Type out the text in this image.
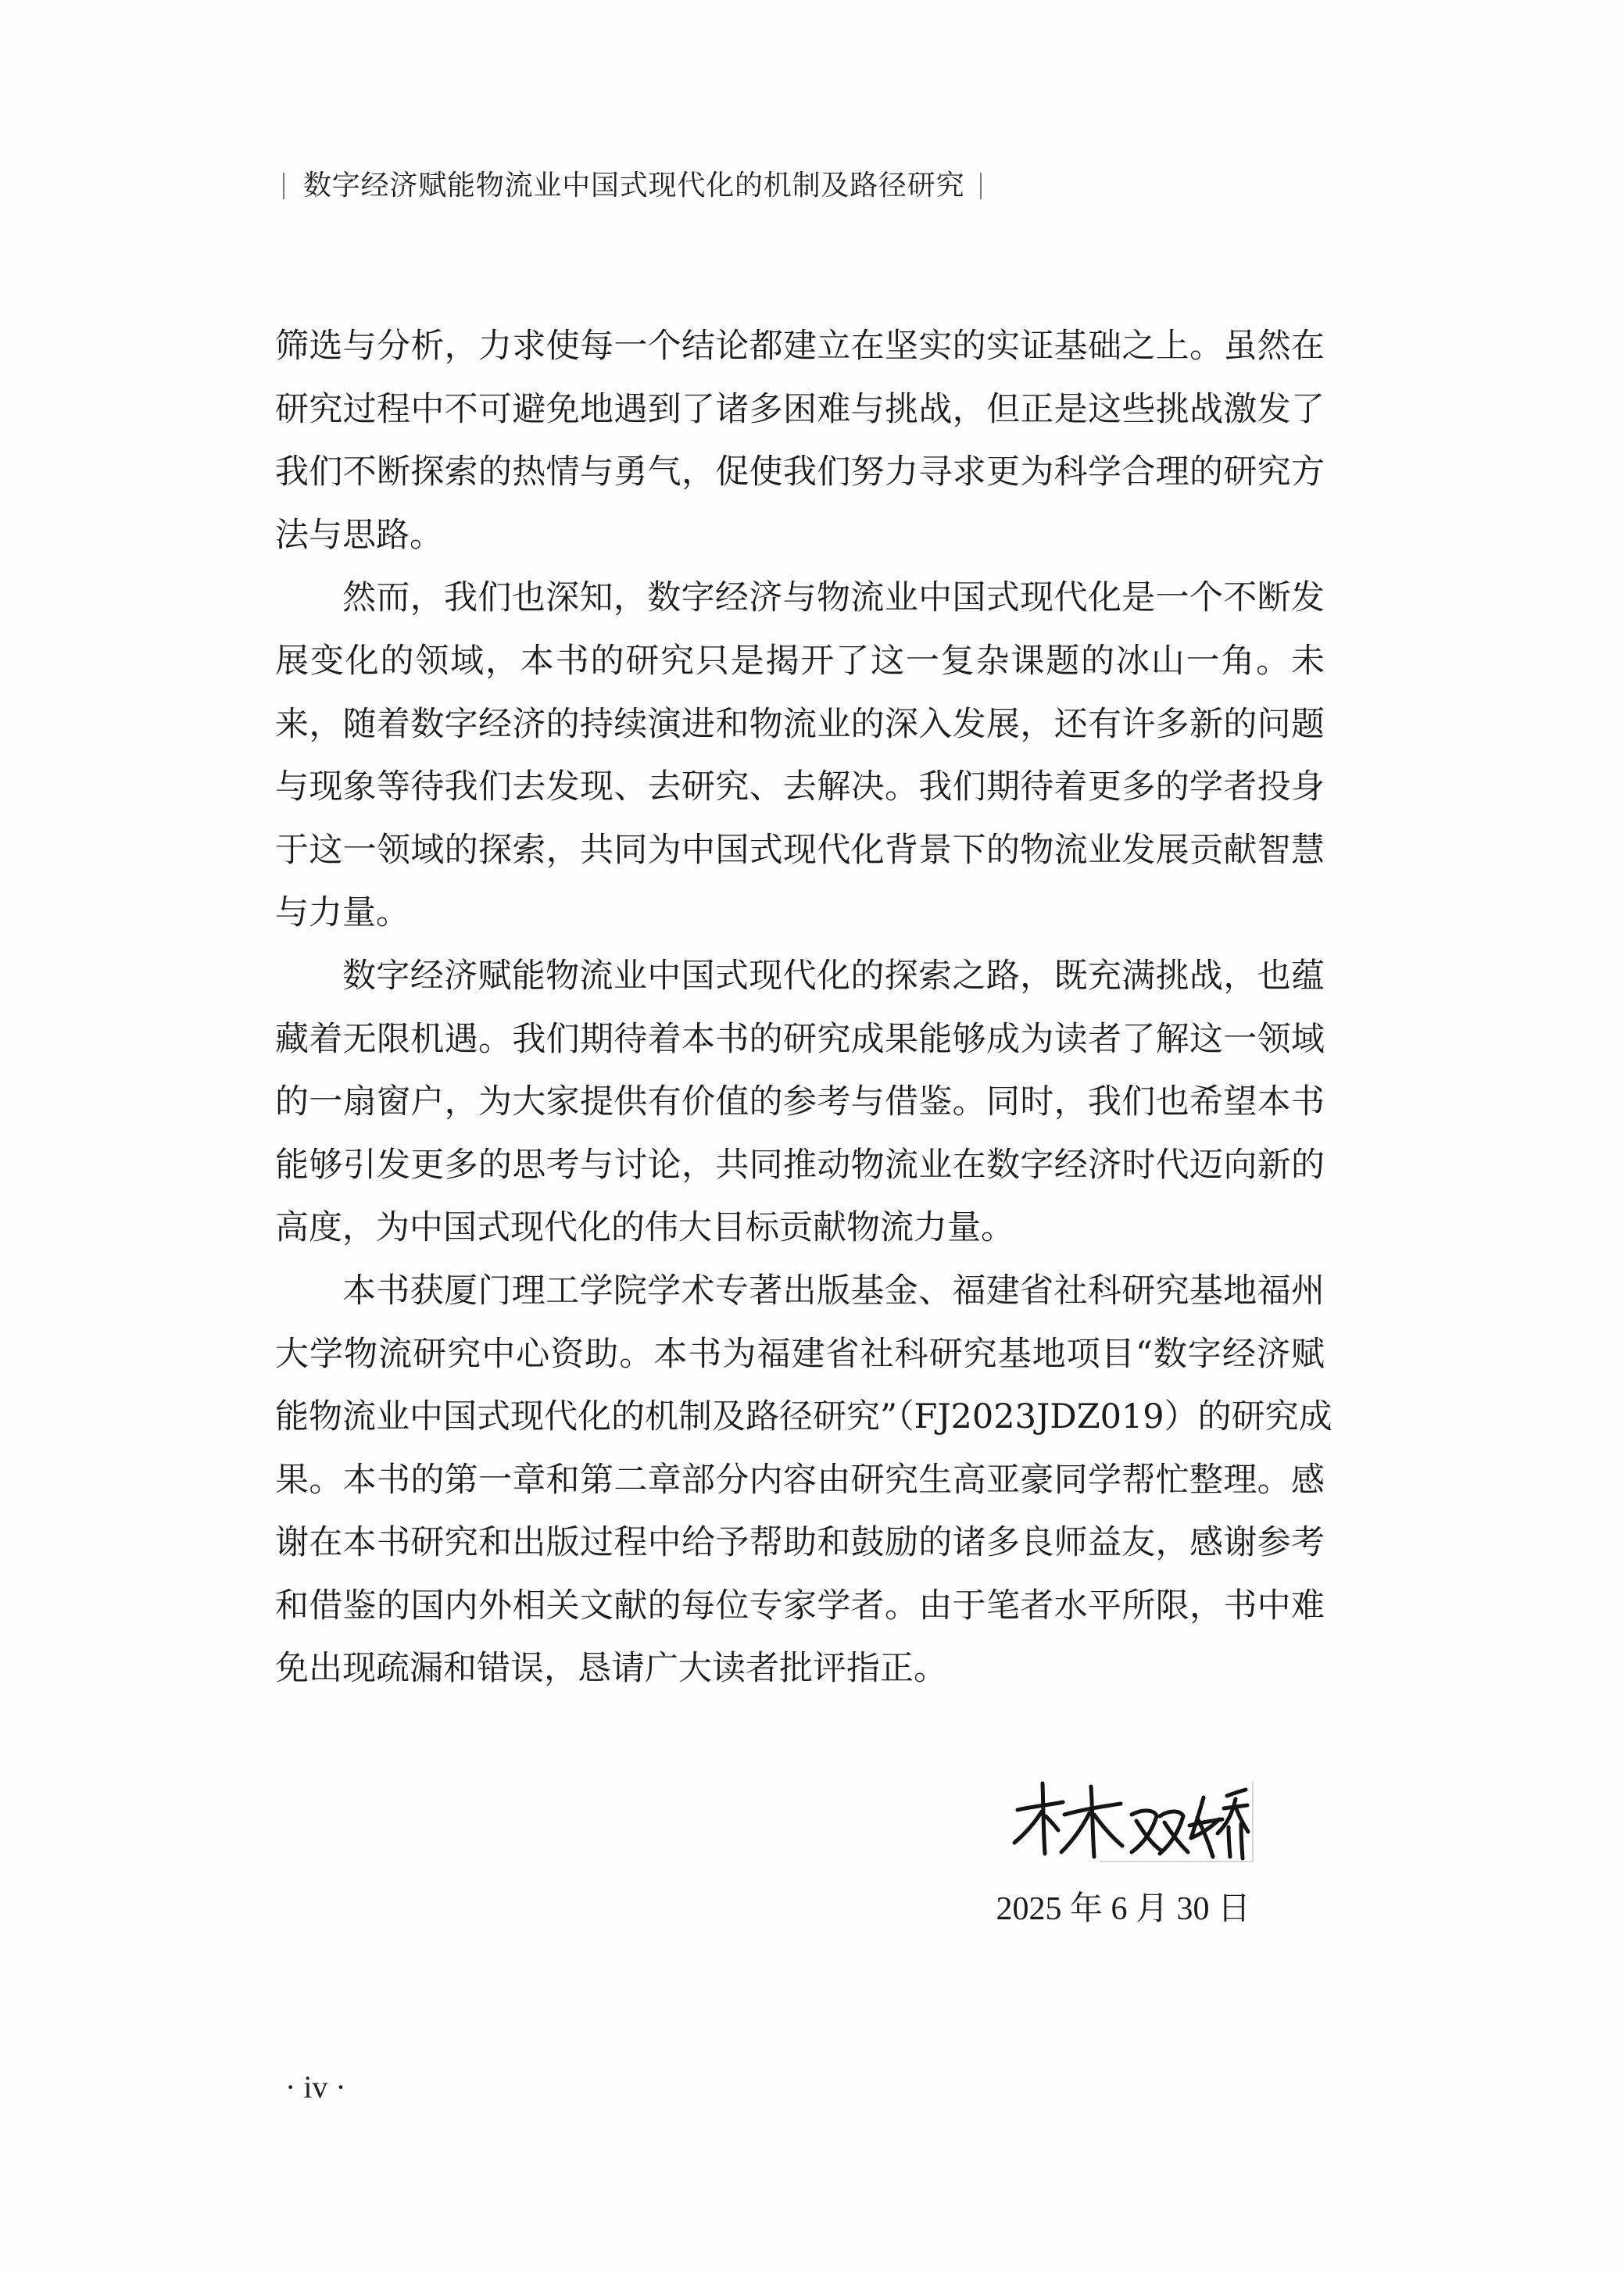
数字经济赋能物流业中国式现代化的机制及路径研究
筛选与分析，力求使每一个结论都建立在坚实的实证基础之上。虽然在
研究过程中不可避免地遇到了诸多困难与挑战，但正是这些挑战激发了
我们不断探索的热情与勇气，促使我们努力寻求更为科学合理的研究方
法与思路。
然而，我们也深知，数字经济与物流业中国式现代化是一个不断发
展变化的领域，本书的研究只是揭开了这一复杂课题的冰山一角。未
来，随着数字经济的持续演进和物流业的深入发展，还有许多新的问题
与现象等待我们去发现、去研究、去解决。我们期待着更多的学者投身
于这一领域的探索，共同为中国式现代化背景下的物流业发展贡献智慧
与力量。
数字经济赋能物流业中国式现代化的探索之路，既充满挑战，也蕴
藏着无限机遇。我们期待着本书的研究成果能够成为读者了解这一领域
的一扇窗户，为大家提供有价值的参考与借鉴。同时，我们也希望本书
能够引发更多的思考与讨论，共同推动物流业在数字经济时代迈向新的
高度，为中国式现代化的伟大目标贡献物流力量。
本书获厦门理工学院学术专著出版基金、福建省社科研究基地福州
大学物流研究中心资助。本书为福建省社科研究基地项目“数字经济赋
能物流业中国式现代化的机制及路径研究”（FJ2023JDZ019）的研究成
果。本书的第一章和第二章部分内容由研究生高亚豪同学帮忙整理。感
谢在本书研究和出版过程中给予帮助和鼓励的诸多良师益友，感谢参考
和借鉴的国内外相关文献的每位专家学者。由于笔者水平所限，书中难
免出现疏漏和错误，恳请广大读者批评指正。
2025 年 6 月 30 日
· iv ·
